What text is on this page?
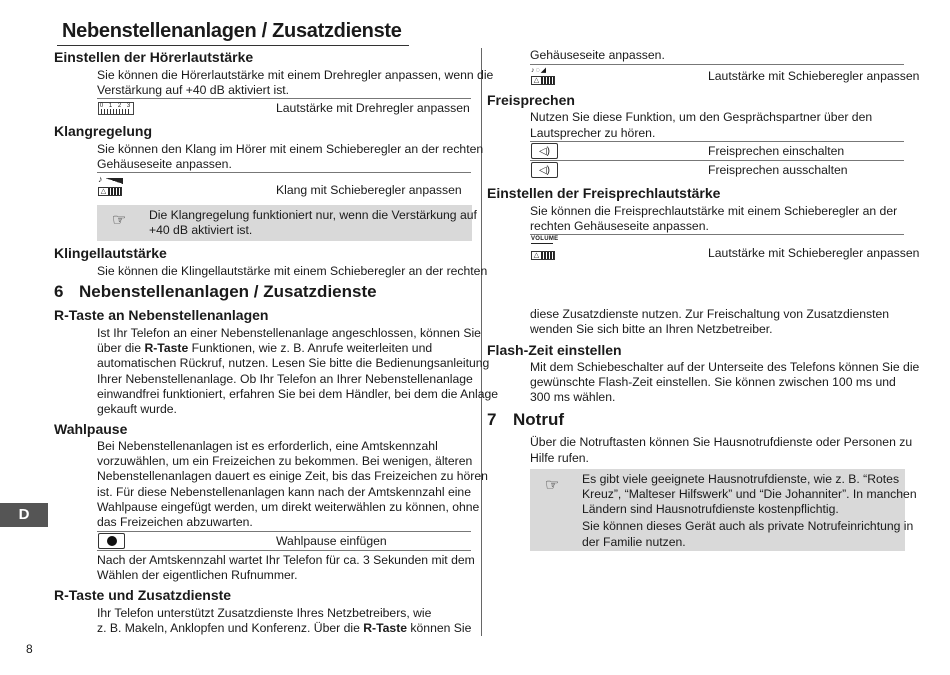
Nebenstellenanlagen / Zusatzdienste
Einstellen der Hörerlautstärke
Sie können die Hörerlautstärke mit einem Drehregler anpassen, wenn die
Verstärkung auf +40 dB aktiviert ist.
0 1 2 3	Lautstärke mit Drehregler anpassen
Klangregelung
Sie können den Klang im Hörer mit einem Schieberegler an der rechten
Gehäuseseite anpassen.
♪
△	Klang mit Schieberegler anpassen
☞ Die Klangregelung funktioniert nur, wenn die Verstärkung auf
+40 dB aktiviert ist.
Klingellautstärke
Sie können die Klingellautstärke mit einem Schieberegler an der rechten
6 Nebenstellenanlagen / Zusatzdienste
R-Taste an Nebenstellenanlagen
Ist Ihr Telefon an einer Nebenstellenanlage angeschlossen, können Sie
über die R-Taste Funktionen, wie z. B. Anrufe weiterleiten und
automatischen Rückruf, nutzen. Lesen Sie bitte die Bedienungsanleitung
Ihrer Nebenstellenanlage. Ob Ihr Telefon an Ihrer Nebenstellenanlage
einwandfrei funktioniert, erfahren Sie bei dem Händler, bei dem die Anlage
gekauft wurde.
Wahlpause
Bei Nebenstellenanlagen ist es erforderlich, eine Amtskennzahl
vorzuwählen, um ein Freizeichen zu bekommen. Bei wenigen, älteren
Nebenstellenanlagen dauert es einige Zeit, bis das Freizeichen zu hören
ist. Für diese Nebenstellenanlagen kann nach der Amtskennzahl eine
Wahlpause eingefügt werden, um direkt weiterwählen zu können, ohne
das Freizeichen abzuwarten.
Wahlpause einfügen
Nach der Amtskennzahl wartet Ihr Telefon für ca. 3 Sekunden mit dem
Wählen der eigentlichen Rufnummer.
R-Taste und Zusatzdienste
Ihr Telefon unterstützt Zusatzdienste Ihres Netzbetreibers, wie
z. B. Makeln, Anklopfen und Konferenz. Über die R-Taste können Sie
D
8
Gehäuseseite anpassen.
♪◌◢
△	Lautstärke mit Schieberegler anpassen
Freisprechen
Nutzen Sie diese Funktion, um den Gesprächspartner über den
Lautsprecher zu hören.
◁)	Freisprechen einschalten
◁)	Freisprechen ausschalten
Einstellen der Freisprechlautstärke
Sie können die Freisprechlautstärke mit einem Schieberegler an der
rechten Gehäuseseite anpassen.
VOLUME
△	Lautstärke mit Schieberegler anpassen
diese Zusatzdienste nutzen. Zur Freischaltung von Zusatzdiensten
wenden Sie sich bitte an Ihren Netzbetreiber.
Flash-Zeit einstellen
Mit dem Schiebeschalter auf der Unterseite des Telefons können Sie die
gewünschte Flash-Zeit einstellen. Sie können zwischen 100 ms und
300 ms wählen.
7 Notruf
Über die Notruftasten können Sie Hausnotrufdienste oder Personen zu
Hilfe rufen.
☞ Es gibt viele geeignete Hausnotrufdienste, wie z. B. “Rotes
Kreuz”, “Malteser Hilfswerk” und “Die Johanniter”. In manchen
Ländern sind Hausnotrufdienste kostenpflichtig.
Sie können dieses Gerät auch als private Notrufeinrichtung in
der Familie nutzen.
